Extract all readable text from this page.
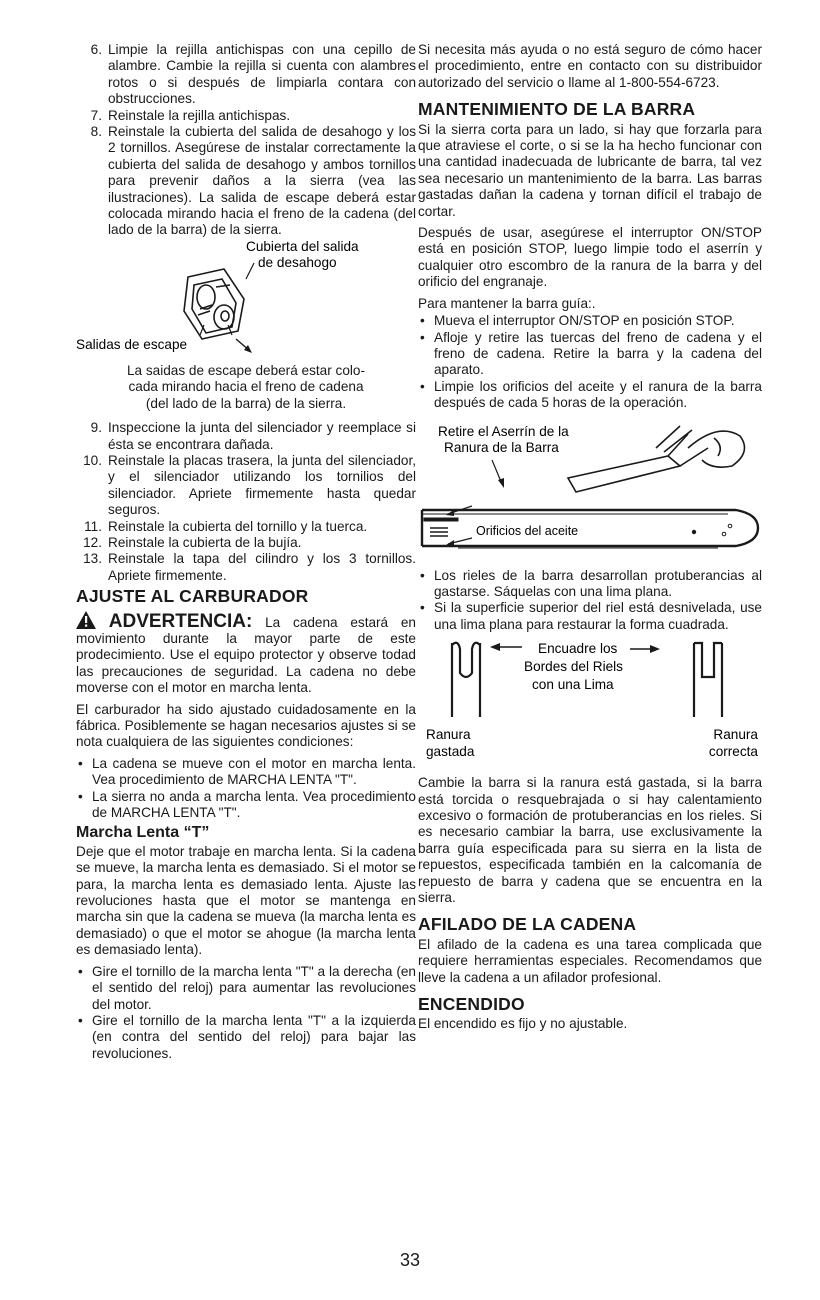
6. Limpie la rejilla antichispas con una cepillo de alambre. Cambie la rejilla si cuenta con alambres rotos o si después de limpiarla contara con obstrucciones.
7. Reinstale la rejilla antichispas.
8. Reinstale la cubierta del salida de desahogo y los 2 tornillos. Asegúrese de instalar correctamente la cubierta del salida de desahogo y ambos tornillos para prevenir daños a la sierra (vea las ilustraciones). La salida de escape deberá estar colocada mirando hacia el freno de la cadena (del lado de la barra) de la sierra.
Cubierta del salida
de desahogo
Salidas de escape
La saidas de escape deberá estar colo-
cada mirando hacia el freno de cadena
(del lado de la barra) de la sierra.
9. Inspeccione la junta del silenciador y reemplace si ésta se encontrara dañada.
10. Reinstale la placas trasera, la junta del silenciador, y el silenciador utilizando los tornilios del silenciador. Apriete firmemente hasta quedar seguros.
11. Reinstale la cubierta del tornillo y la tuerca.
12. Reinstale la cubierta de la bujía.
13. Reinstale la tapa del cilindro y los 3 tornillos. Apriete firmemente.
AJUSTE AL CARBURADOR

ADVERTENCIA: La cadena estará en movimiento durante la mayor parte de este prodecimiento. Use el equipo protector y observe todad las precauciones de seguridad. La cadena no debe moverse con el motor en marcha lenta.

El carburador ha sido ajustado cuidadosamente en la fábrica. Posiblemente se hagan necesarios ajustes si se nota cualquiera de las siguientes condiciones:

• La cadena se mueve con el motor en marcha lenta. Vea procedimiento de MARCHA LENTA "T".
• La sierra no anda a marcha lenta. Vea procedimiento de MARCHA LENTA "T".
Marcha Lenta “T”

Deje que el motor trabaje en marcha lenta. Si la cadena se mueve, la marcha lenta es demasiado. Si el motor se para, la marcha lenta es demasiado lenta. Ajuste las revoluciones hasta que el motor se mantenga en marcha sin que la cadena se mueva (la marcha lenta es demasiado) o que el motor se ahogue (la marcha lenta es demasiado lenta).

• Gire el tornillo de la marcha lenta "T" a la derecha (en el sentido del reloj) para aumentar las revoluciones del motor.
• Gire el tornillo de la marcha lenta "T" a la izquierda (en contra del sentido del reloj) para bajar las revoluciones.

Si necesita más ayuda o no está seguro de cómo hacer el procedimiento, entre en contacto con su distribuidor autorizado del servicio o llame al 1-800-554-6723.

MANTENIMIENTO DE LA BARRA

Si la sierra corta para un lado, si hay que forzarla para que atraviese el corte, o si se la ha hecho funcionar con una cantidad inadecuada de lubricante de barra, tal vez sea necesario un mantenimiento de la barra. Las barras gastadas dañan la cadena y tornan difícil el trabajo de cortar.

Después de usar, asegúrese el interruptor ON/STOP está en posición STOP, luego limpie todo el aserrín y cualquier otro escombro de la ranura de la barra y del orificio del engranaje.

Para mantener la barra guía:.

• Mueva el interruptor ON/STOP en posición STOP.
• Afloje y retire las tuercas del freno de cadena y el freno de cadena. Retire la barra y la cadena del aparato.
• Limpie los orificios del aceite y el ranura de la barra después de cada 5 horas de la operación.
Retire el Aserrín de la
Ranura de la Barra
Orificios del aceite
• Los rieles de la barra desarrollan protuberancias al gastarse. Sáquelas con una lima plana.
• Si la superficie superior del riel está desnivelada, use una lima plana para restaurar la forma cuadrada.
Encuadre los
Bordes del Riels
con una Lima
Ranura
gastada
Ranura
correcta

Cambie la barra si la ranura está gastada, si la barra está torcida o resquebrajada o si hay calentamiento excesivo o formación de protuberancias en los rieles. Si es necesario cambiar la barra, use exclusivamente la barra guía especificada para su sierra en la lista de repuestos, especificada también en la calcomanía de repuesto de barra y cadena que se encuentra en la sierra.

AFILADO DE LA CADENA

El afilado de la cadena es una tarea complicada que requiere herramientas especiales. Recomendamos que lleve la cadena a un afilador profesional.

ENCENDIDO

El encendido es fijo y no ajustable.

33
